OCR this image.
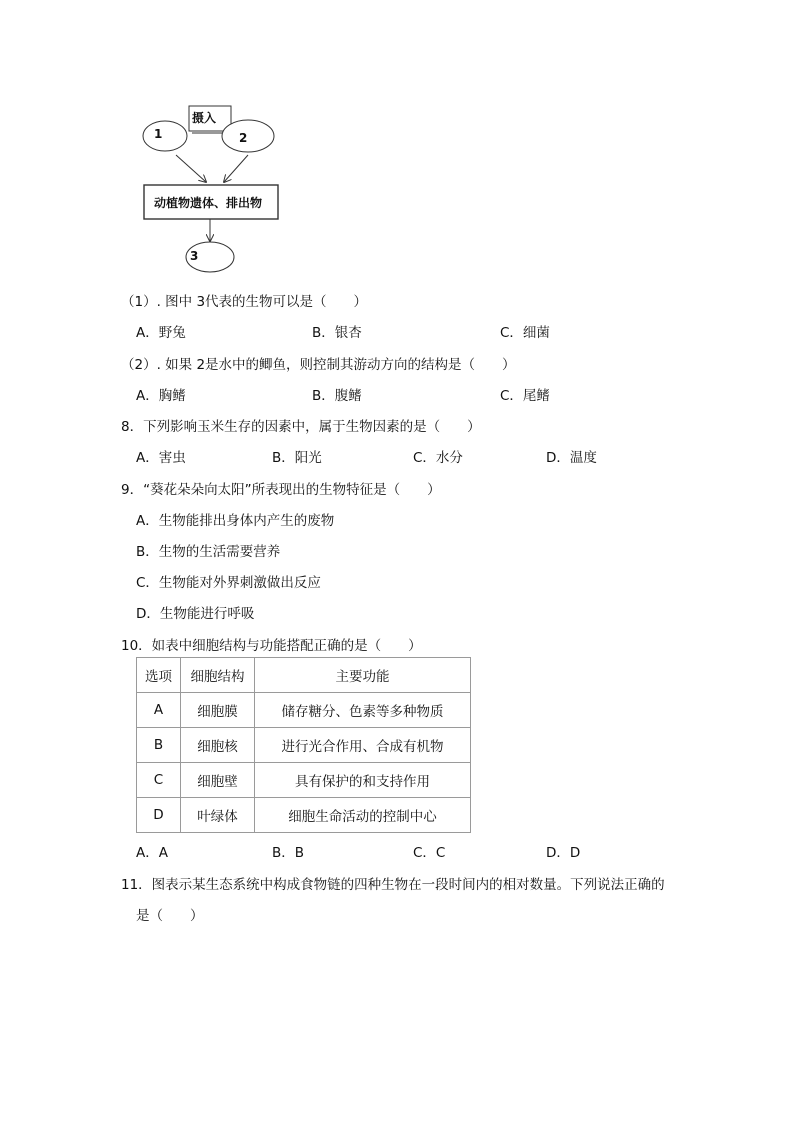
摄入
1	2
动植物遗体、排出物
3
（1）. 图中 3代表的生物可以是（　　）
A．野兔	B．银杏	C．细菌
（2）. 如果 2是水中的鲫鱼，则控制其游动方向的结构是（　　）
A．胸鳍	B．腹鳍	C．尾鳍
8．下列影响玉米生存的因素中，属于生物因素的是（　　）
A．害虫	B．阳光	C．水分	D．温度
9．“葵花朵朵向太阳”所表现出的生物特征是（　　）
A．生物能排出身体内产生的废物
B．生物的生活需要营养
C．生物能对外界刺激做出反应
D．生物能进行呼吸
10．如表中细胞结构与功能搭配正确的是（　　）
选项	细胞结构	主要功能
A	细胞膜	储存糖分、色素等多种物质
B	细胞核	进行光合作用、合成有机物
C	细胞壁	具有保护的和支持作用
D	叶绿体	细胞生命活动的控制中心
A．A	B．B	C．C	D．D
11．图表示某生态系统中构成食物链的四种生物在一段时间内的相对数量。下列说法正确的
是（　　）
